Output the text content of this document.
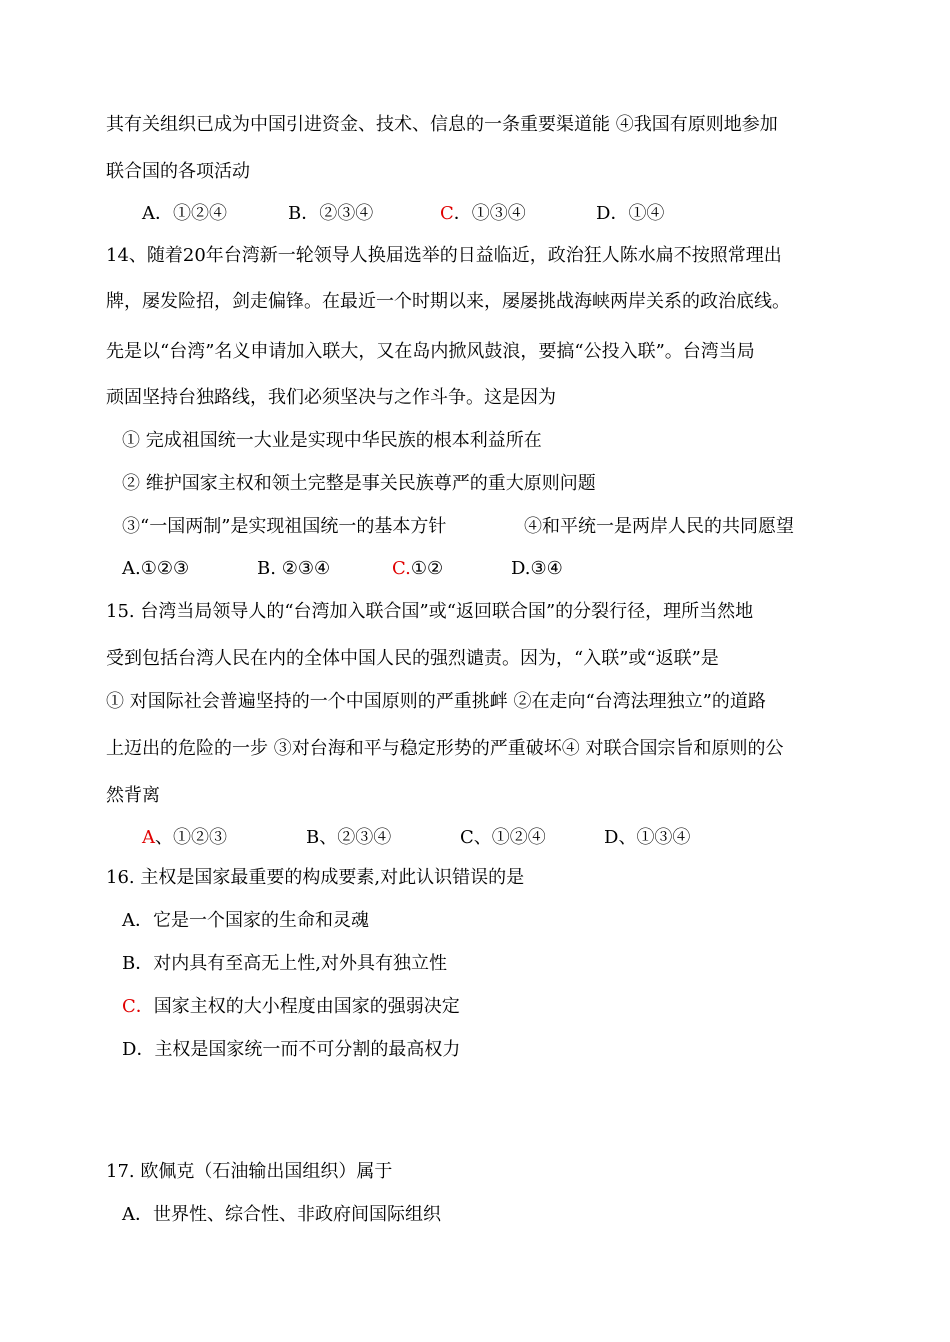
其有关组织已成为中国引进资金、技术、信息的一条重要渠道能 ④我国有原则地参加
联合国的各项活动
A．①②④	B．②③④	C．①③④	D．①④
14、随着20年台湾新一轮领导人换届选举的日益临近，政治狂人陈水扁不按照常理出
牌，屡发险招，剑走偏锋。在最近一个时期以来，屡屡挑战海峡两岸关系的政治底线。
先是以“台湾”名义申请加入联大，又在岛内掀风鼓浪，要搞“公投入联”。台湾当局
顽固坚持台独路线，我们必须坚决与之作斗争。这是因为
① 完成祖国统一大业是实现中华民族的根本利益所在
② 维护国家主权和领土完整是事关民族尊严的重大原则问题
③“一国两制”是实现祖国统一的基本方针	④和平统一是两岸人民的共同愿望
A.①②③	B. ②③④	C.①②	D.③④
15. 台湾当局领导人的“台湾加入联合国”或“返回联合国”的分裂行径，理所当然地
受到包括台湾人民在内的全体中国人民的强烈谴责。因为，“入联”或“返联”是
① 对国际社会普遍坚持的一个中国原则的严重挑衅 ②在走向“台湾法理独立”的道路
上迈出的危险的一步 ③对台海和平与稳定形势的严重破坏④ 对联合国宗旨和原则的公
然背离
A、①②③	B、②③④	C、①②④	D、①③④
16. 主权是国家最重要的构成要素,对此认识错误的是
A．它是一个国家的生命和灵魂
B．对内具有至高无上性,对外具有独立性
C．国家主权的大小程度由国家的强弱决定
D．主权是国家统一而不可分割的最高权力
17. 欧佩克（石油输出国组织）属于
A．世界性、综合性、非政府间国际组织
